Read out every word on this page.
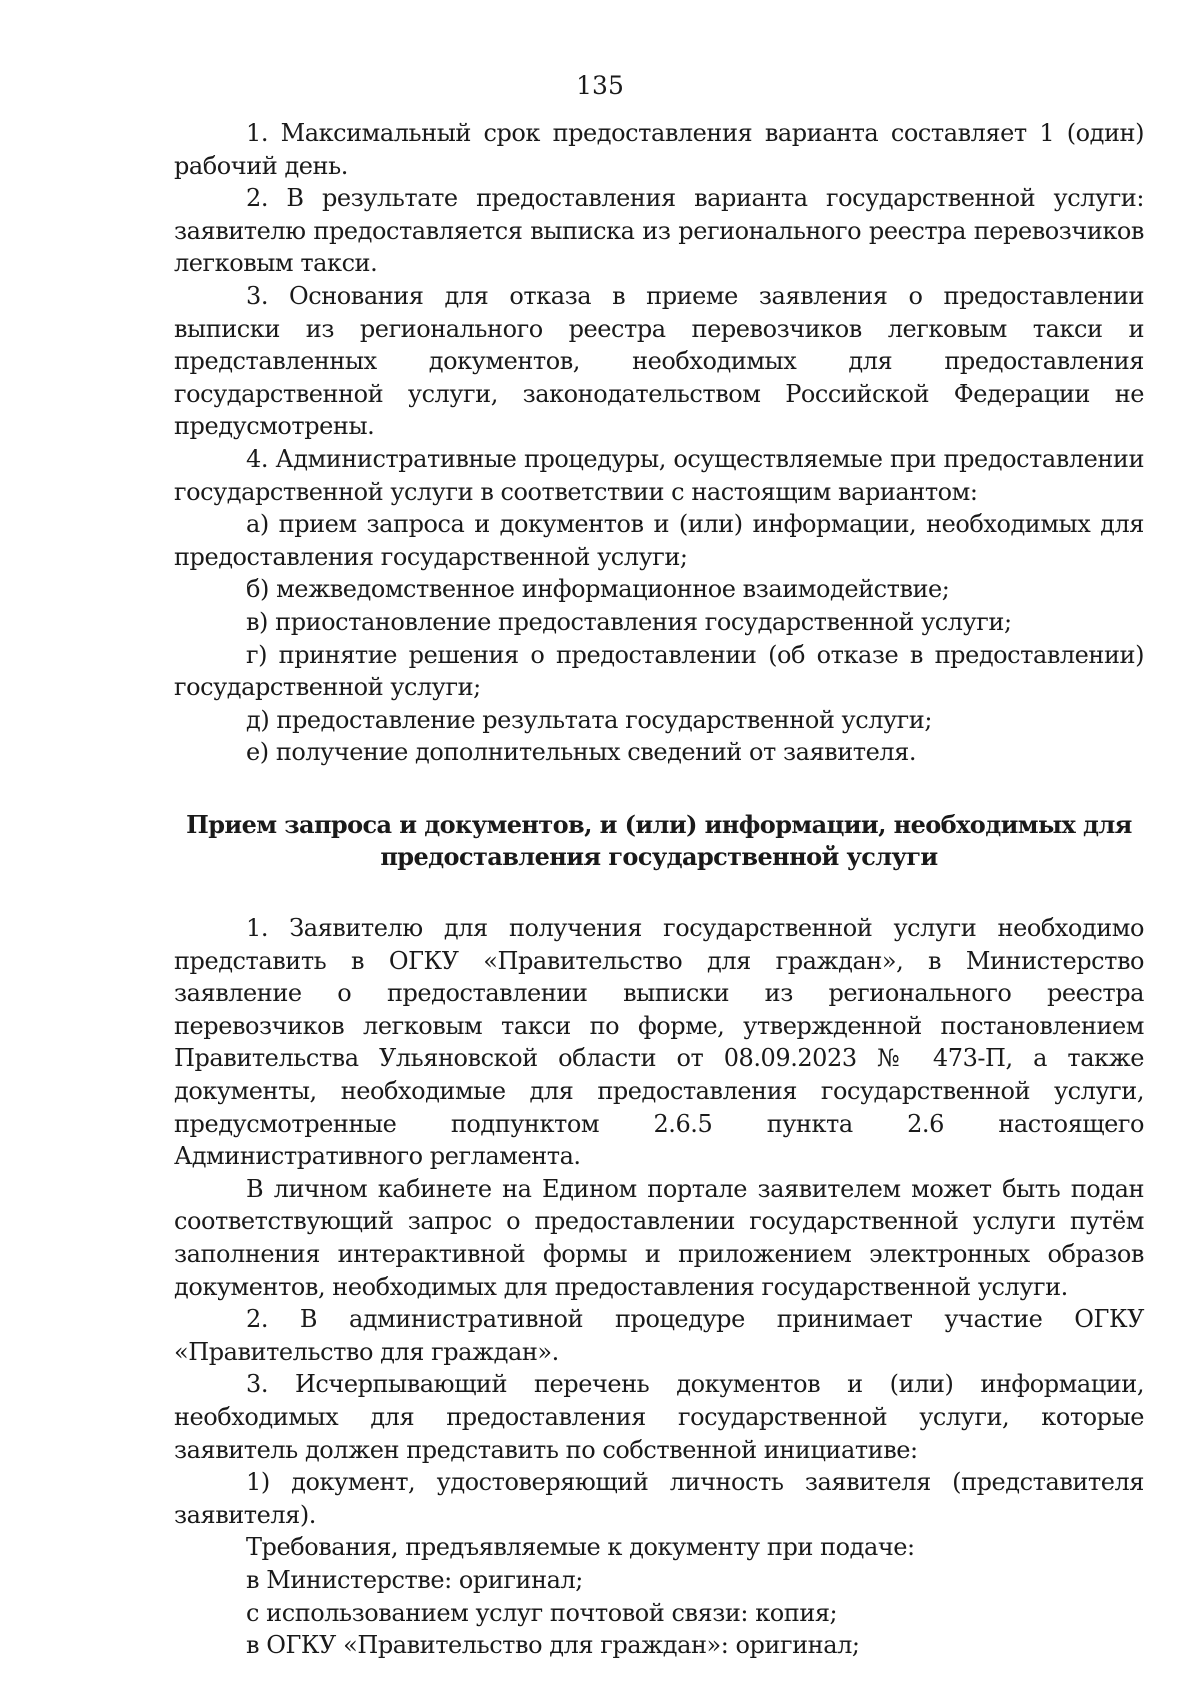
135

1. Максимальный срок предоставления варианта составляет 1 (один) рабочий день.

2. В результате предоставления варианта государственной услуги: заявителю предоставляется выписка из регионального реестра перевозчиков легковым такси.

3. Основания для отказа в приеме заявления о предоставлении выписки из регионального реестра перевозчиков легковым такси и представленных документов, необходимых для предоставления государственной услуги, законодательством Российской Федерации не предусмотрены.

4. Административные процедуры, осуществляемые при предоставлении государственной услуги в соответствии с настоящим вариантом:

а) прием запроса и документов и (или) информации, необходимых для предоставления государственной услуги;

б) межведомственное информационное взаимодействие;

в) приостановление предоставления государственной услуги;

г) принятие решения о предоставлении (об отказе в предоставлении) государственной услуги;

д) предоставление результата государственной услуги;

е) получение дополнительных сведений от заявителя.

Прием запроса и документов, и (или) информации, необходимых для
предоставления государственной услуги

1. Заявителю для получения государственной услуги необходимо представить в ОГКУ «Правительство для граждан», в Министерство заявление о предоставлении выписки из регионального реестра перевозчиков легковым такси по форме, утвержденной постановлением Правительства Ульяновской области от 08.09.2023 № 473-П, а также документы, необходимые для предоставления государственной услуги, предусмотренные подпунктом 2.6.5 пункта 2.6 настоящего Административного регламента.

В личном кабинете на Едином портале заявителем может быть подан соответствующий запрос о предоставлении государственной услуги путём заполнения интерактивной формы и приложением электронных образов документов, необходимых для предоставления государственной услуги.

2. В административной процедуре принимает участие ОГКУ «Правительство для граждан».

3. Исчерпывающий перечень документов и (или) информации, необходимых для предоставления государственной услуги, которые заявитель должен представить по собственной инициативе:

1) документ, удостоверяющий личность заявителя (представителя заявителя).

Требования, предъявляемые к документу при подаче:

в Министерстве: оригинал;

с использованием услуг почтовой связи: копия;

в ОГКУ «Правительство для граждан»: оригинал;
